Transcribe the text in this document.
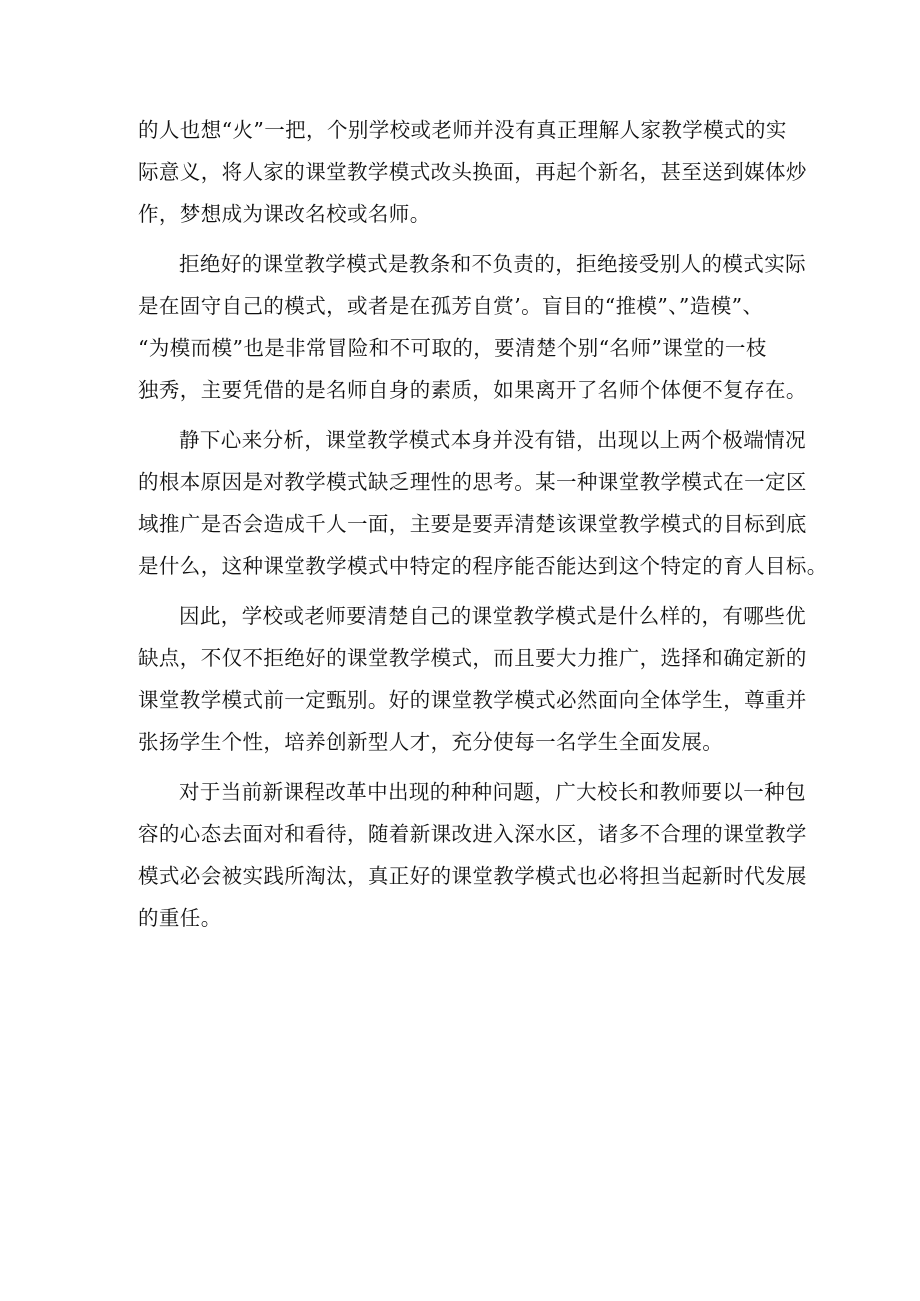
的人也想“火”一把，个别学校或老师并没有真正理解人家教学模式的实
际意义，将人家的课堂教学模式改头换面，再起个新名，甚至送到媒体炒
作，梦想成为课改名校或名师。

拒绝好的课堂教学模式是教条和不负责的，拒绝接受别人的模式实际
是在固守自己的模式，或者是在孤芳自赏’。盲目的“推模”、”造模”、
“为模而模”也是非常冒险和不可取的，要清楚个别“名师”课堂的一枝
独秀，主要凭借的是名师自身的素质，如果离开了名师个体便不复存在。

静下心来分析，课堂教学模式本身并没有错，出现以上两个极端情况
的根本原因是对教学模式缺乏理性的思考。某一种课堂教学模式在一定区
域推广是否会造成千人一面，主要是要弄清楚该课堂教学模式的目标到底
是什么，这种课堂教学模式中特定的程序能否能达到这个特定的育人目标。

因此，学校或老师要清楚自己的课堂教学模式是什么样的，有哪些优
缺点，不仅不拒绝好的课堂教学模式，而且要大力推广，选择和确定新的
课堂教学模式前一定甄别。好的课堂教学模式必然面向全体学生，尊重并
张扬学生个性，培养创新型人才，充分使每一名学生全面发展。

对于当前新课程改革中出现的种种问题，广大校长和教师要以一种包
容的心态去面对和看待，随着新课改进入深水区，诸多不合理的课堂教学
模式必会被实践所淘汰，真正好的课堂教学模式也必将担当起新时代发展
的重任。
